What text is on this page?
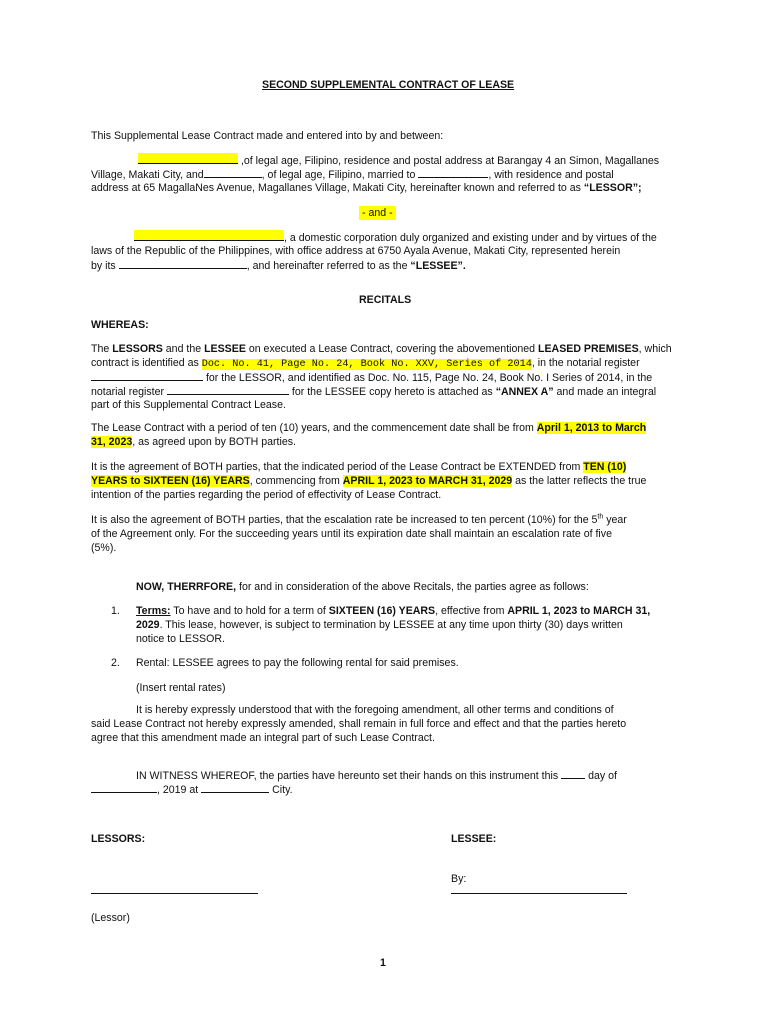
SECOND SUPPLEMENTAL CONTRACT OF LEASE
This Supplemental Lease Contract made and entered into by and between:
,of legal age, Filipino, residence and postal address at Barangay 4 an Simon, Magallanes
Village, Makati City, and	, of legal age, Filipino, married to	, with residence and postal
address at 65 MagallaNes Avenue, Magallanes Village, Makati City, hereinafter known and referred to as “LESSOR”;
- and -
, a domestic corporation duly organized and existing under and by virtues of the
laws of the Republic of the Philippines, with office address at 6750 Ayala Avenue, Makati City, represented herein
by its	, and hereinafter referred to as the “LESSEE”.
RECITALS
WHEREAS:
The LESSORS and the LESSEE on executed a Lease Contract, covering the abovementioned LEASED PREMISES, which
contract is identified as Doc. No. 41, Page No. 24, Book No. XXV, Series of 2014, in the notarial register
for the LESSOR, and identified as Doc. No. 115, Page No. 24, Book No. I Series of 2014, in the
notarial register	for the LESSEE copy hereto is attached as “ANNEX A” and made an integral
part of this Supplemental Contract Lease.
The Lease Contract with a period of ten (10) years, and the commencement date shall be from April 1, 2013 to March
31, 2023, as agreed upon by BOTH parties.
It is the agreement of BOTH parties, that the indicated period of the Lease Contract be EXTENDED from TEN (10)
YEARS to SIXTEEN (16) YEARS, commencing from APRIL 1, 2023 to MARCH 31, 2029 as the latter reflects the true
intention of the parties regarding the period of effectivity of Lease Contract.
It is also the agreement of BOTH parties, that the escalation rate be increased to ten percent (10%) for the 5th year
of the Agreement only. For the succeeding years until its expiration date shall maintain an escalation rate of five
(5%).
NOW, THERRFORE, for and in consideration of the above Recitals, the parties agree as follows:
1. Terms: To have and to hold for a term of SIXTEEN (16) YEARS, effective from APRIL 1, 2023 to MARCH 31,
2029. This lease, however, is subject to termination by LESSEE at any time upon thirty (30) days written
notice to LESSOR.
2. Rental: LESSEE agrees to pay the following rental for said premises.
(Insert rental rates)
It is hereby expressly understood that with the foregoing amendment, all other terms and conditions of
said Lease Contract not hereby expressly amended, shall remain in full force and effect and that the parties hereto
agree that this amendment made an integral part of such Lease Contract.
IN WITNESS WHEREOF, the parties have hereunto set their hands on this instrument this	day of
, 2019 at	City.
LESSORS:	LESSEE:
By:
(Lessor)
1
